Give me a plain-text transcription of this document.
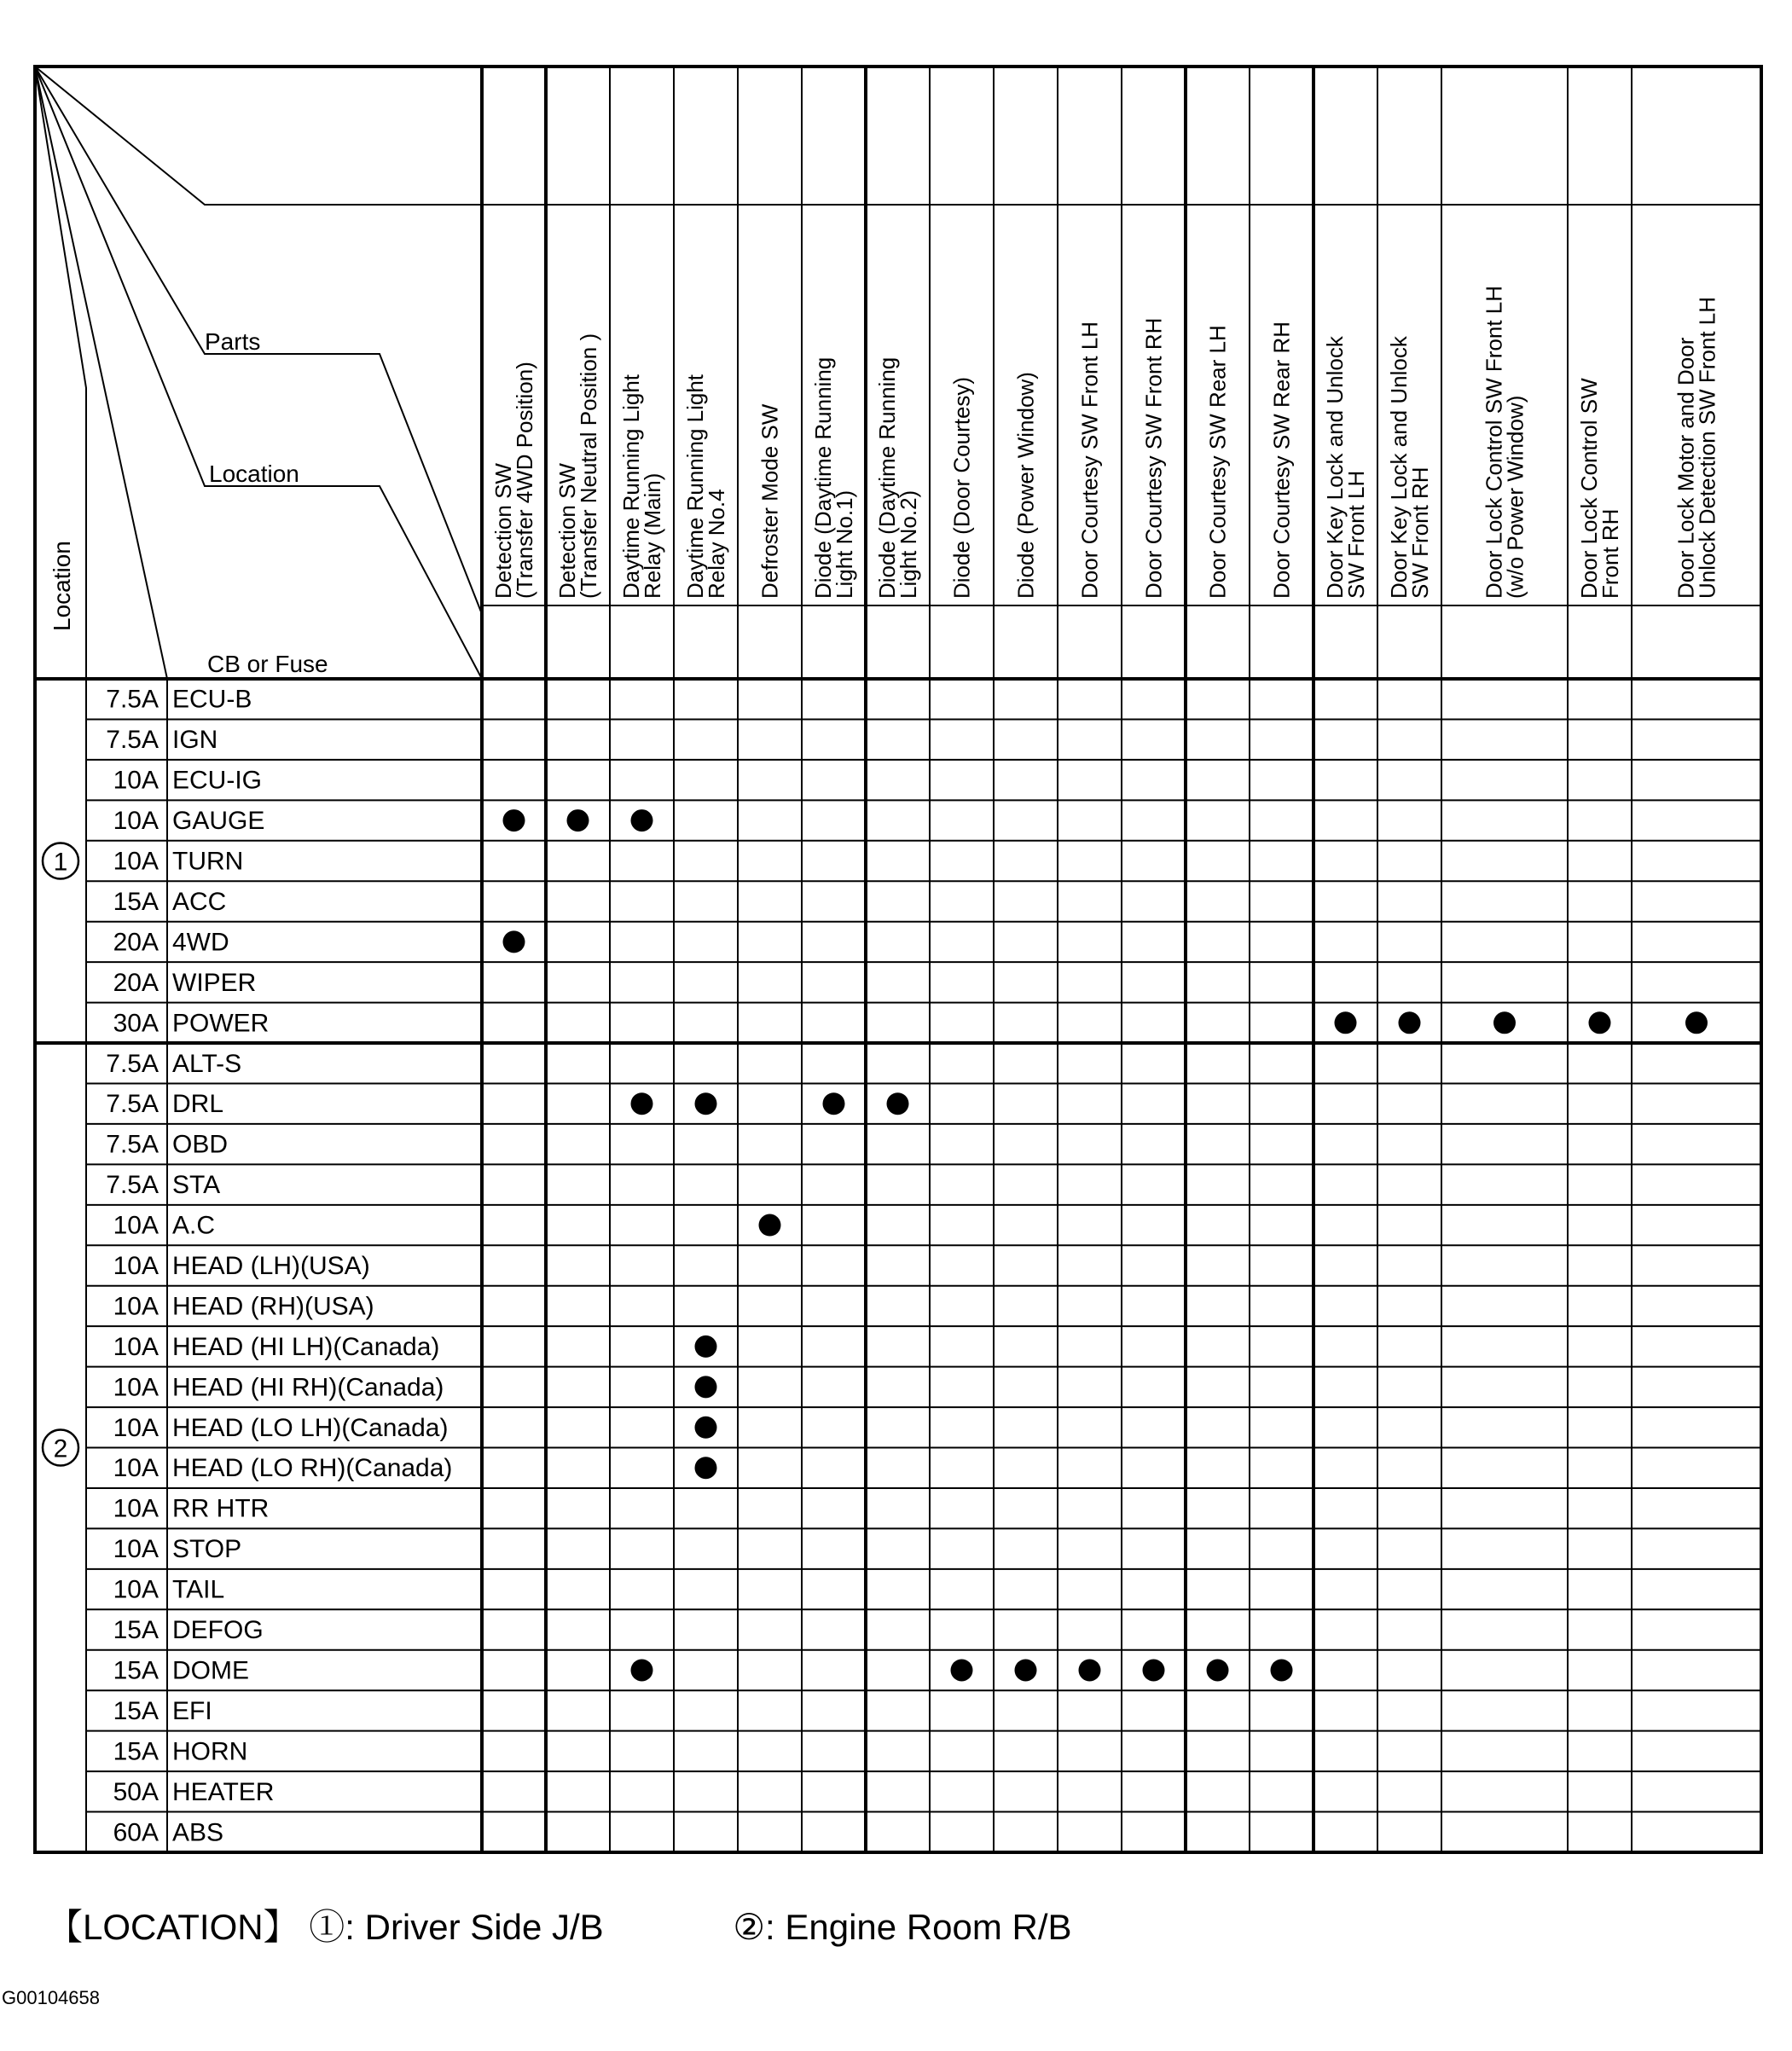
Parts
Location
CB or Fuse
Location	Detection SW
(Transfer 4WD Position) Detection SW
(Transfer Neutral Position ) Daytime Running Light
Relay (Main) Daytime Running Light
Relay No.4 Defroster Mode SW Diode (Daytime Running
Light No.1) Diode (Daytime Running
Light No.2) Diode (Door Courtesy) Diode (Power Window) Door Courtesy SW Front LH Door Courtesy SW Front RH Door Courtesy SW Rear LH Door Courtesy SW Rear RH Door Key Lock and Unlock
SW Front LH Door Key Lock and Unlock
SW Front RH Door Lock Control SW Front LH
(w/o Power Window) Door Lock Control SW
Front RH Door Lock Motor and Door
Unlock Detection SW Front LH
7.5A ECU-B
7.5A IGN
10A ECU-IG
10A GAUGE
10A TURN
15A ACC
20A 4WD
20A WIPER
30A POWER
7.5A ALT-S
7.5A DRL
7.5A OBD
7.5A STA
10A A.C
10A HEAD (LH)(USA)
10A HEAD (RH)(USA)
10A HEAD (HI LH)(Canada)
10A HEAD (HI RH)(Canada)
10A HEAD (LO LH)(Canada)
10A HEAD (LO RH)(Canada)
10A RR HTR
10A STOP
10A TAIL
15A DEFOG
15A DOME
15A EFI
15A HORN
50A HEATER
60A ABS
1
2
【LOCATION】 ①: Driver Side J/B	②: Engine Room R/B
G00104658
